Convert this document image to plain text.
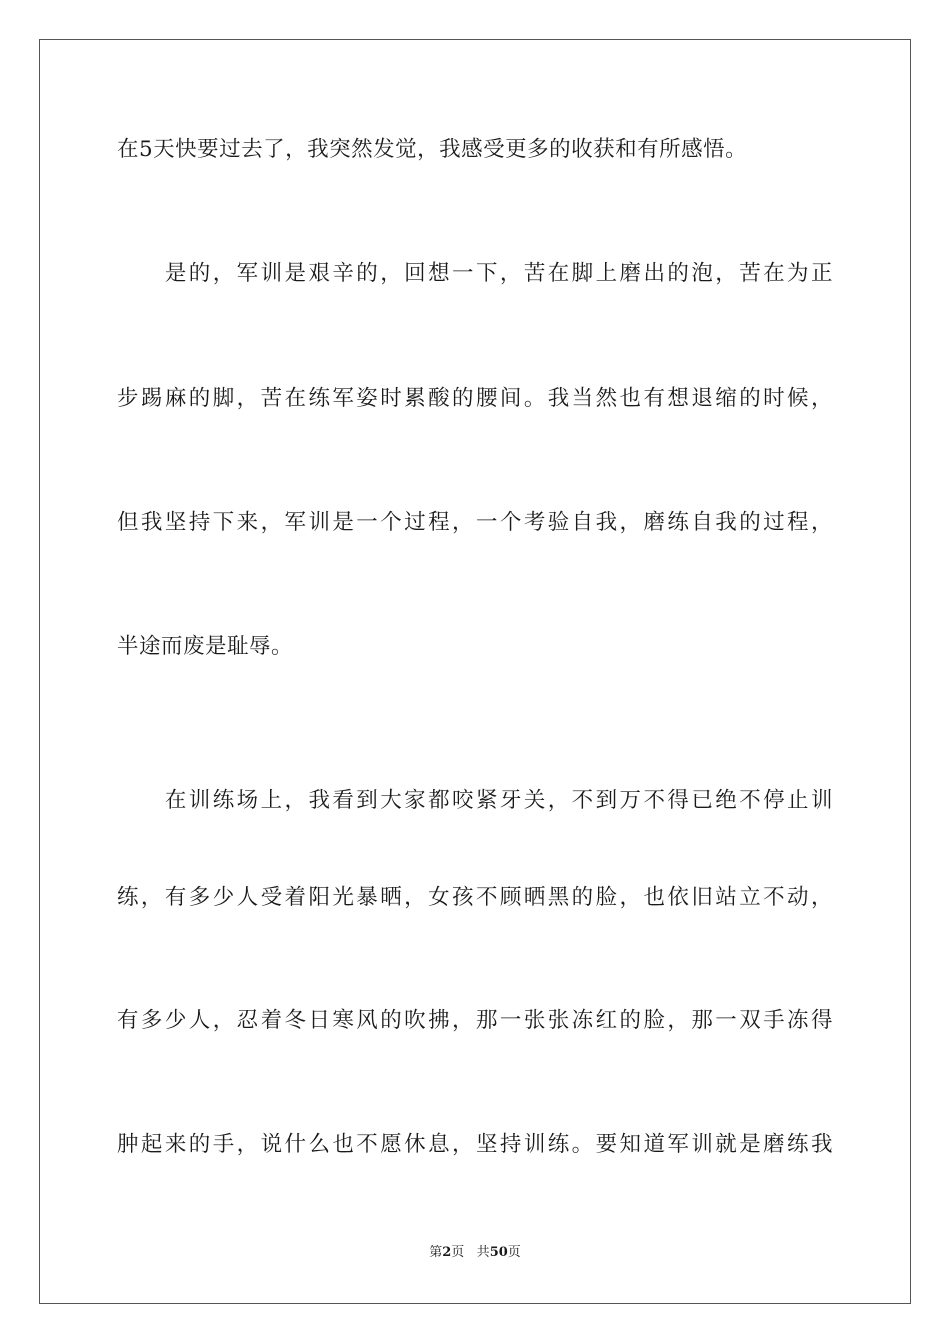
在5天快要过去了，我突然发觉，我感受更多的收获和有所感悟。
　　是的，军训是艰辛的，回想一下，苦在脚上磨出的泡，苦在为正
步踢麻的脚，苦在练军姿时累酸的腰间。我当然也有想退缩的时候，
但我坚持下来，军训是一个过程，一个考验自我，磨练自我的过程，
半途而废是耻辱。
　　在训练场上，我看到大家都咬紧牙关，不到万不得已绝不停止训
练，有多少人受着阳光暴晒，女孩不顾晒黑的脸，也依旧站立不动，
有多少人，忍着冬日寒风的吹拂，那一张张冻红的脸，那一双手冻得
肿起来的手，说什么也不愿休息，坚持训练。要知道军训就是磨练我
第2页 共50页
